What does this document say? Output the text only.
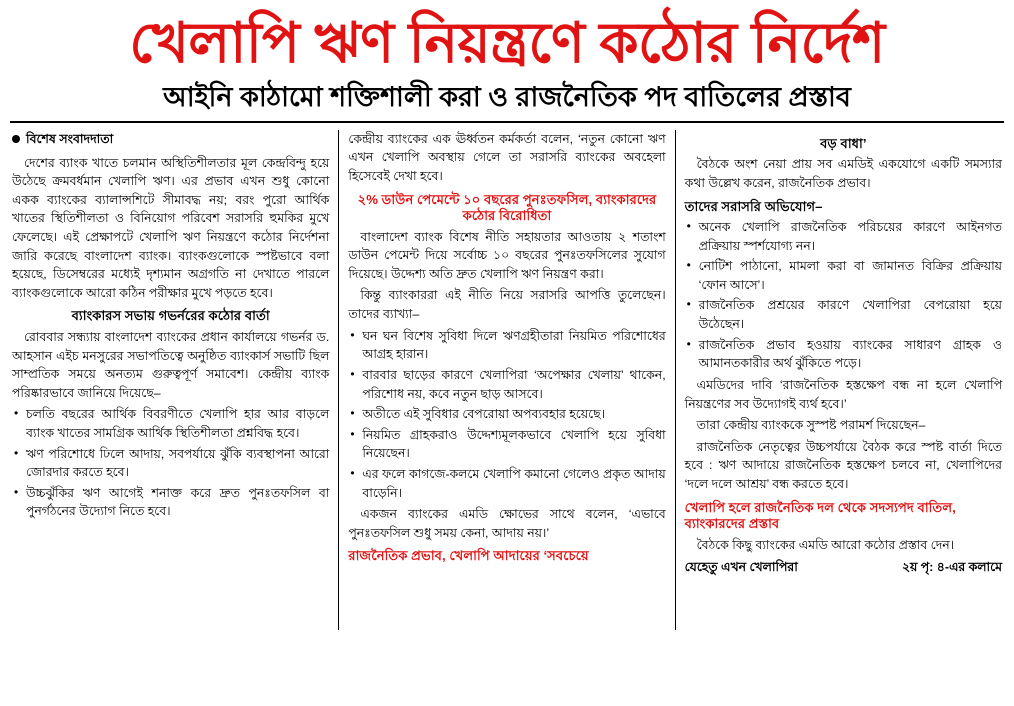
খেলাপি ঋণ নিয়ন্ত্রণে কঠোর নির্দেশ
আইনি কাঠামো শক্তিশালী করা ও রাজনৈতিক পদ বাতিলের প্রস্তাব
বিশেষ সংবাদদাতা

দেশের ব্যাংক খাতে চলমান অস্থিতিশীলতার মূল কেন্দ্রবিন্দু হয়ে উঠেছে ক্রমবর্ধমান খেলাপি ঋণ। এর প্রভাব এখন শুধু কোনো একক ব্যাংকের ব্যালান্সশিটে সীমাবদ্ধ নয়; বরং পুরো আর্থিক খাতের স্থিতিশীলতা ও বিনিয়োগ পরিবেশ সরাসরি হুমকির মুখে ফেলেছে। এই প্রেক্ষাপটে খেলাপি ঋণ নিয়ন্ত্রণে কঠোর নির্দেশনা জারি করেছে বাংলাদেশ ব্যাংক। ব্যাংকগুলোকে স্পষ্টভাবে বলা হয়েছে, ডিসেম্বরের মধ্যেই দৃশ্যমান অগ্রগতি না দেখাতে পারলে ব্যাংকগুলোকে আরো কঠিন পরীক্ষার মুখে পড়তে হবে।

ব্যাংকারস সভায় গভর্নরের কঠোর বার্তা

রোববার সন্ধ্যায় বাংলাদেশ ব্যাংকের প্রধান কার্যালয়ে গভর্নর ড. আহসান এইচ মনসুরের সভাপতিত্বে অনুষ্ঠিত ব্যাংকার্স সভাটি ছিল সাম্প্রতিক সময়ে অনত্যম গুরুত্বপূর্ণ সমাবেশ। কেন্দ্রীয় ব্যাংক পরিষ্কারভাবে জানিয়ে দিয়েছে–

• চলতি বছরের আর্থিক বিবরণীতে খেলাপি হার আর বাড়লে ব্যাংক খাতের সামগ্রিক আর্থিক স্থিতিশীলতা প্রশ্নবিদ্ধ হবে।
• ঋণ পরিশোধে ঢিলে আদায়, সবপর্যায়ে ঝুঁকি ব্যবস্থাপনা আরো জোরদার করতে হবে।
• উচ্চঝুঁকির ঋণ আগেই শনাক্ত করে দ্রুত পুনঃতফসিল বা পুনর্গঠনের উদ্যোগ নিতে হবে।

কেন্দ্রীয় ব্যাংকের এক ঊর্ধ্বতন কর্মকর্তা বলেন, ‘নতুন কোনো ঋণ এখন খেলাপি অবস্থায় গেলে তা সরাসরি ব্যাংকের অবহেলা হিসেবেই দেখা হবে।

২% ডাউন পেমেন্টে ১০ বছরের পুনঃতফসিল, ব্যাংকারদের কঠোর বিরোধিতা

বাংলাদেশ ব্যাংক বিশেষ নীতি সহায়তার আওতায় ২ শতাংশ ডাউন পেমেন্ট দিয়ে সর্বোচ্চ ১০ বছরের পুনঃতফসিলের সুযোগ দিয়েছে। উদ্দেশ্য অতি দ্রুত খেলাপি ঋণ নিয়ন্ত্রণ করা।

কিন্তু ব্যাংকাররা এই নীতি নিয়ে সরাসরি আপত্তি তুলেছেন। তাদের ব্যাখ্যা–

• ঘন ঘন বিশেষ সুবিধা দিলে ঋণগ্রহীতারা নিয়মিত পরিশোধের আগ্রহ হারান।
• বারবার ছাড়ের কারণে খেলাপিরা ‘অপেক্ষার খেলায়’ থাকেন, পরিশোধ নয়, কবে নতুন ছাড় আসবে।
• অতীতে এই সুবিধার বেপরোয়া অপব্যবহার হয়েছে।
• নিয়মিত গ্রাহকরাও উদ্দেশ্যমূলকভাবে খেলাপি হয়ে সুবিধা নিয়েছেন।
• এর ফলে কাগজে-কলমে খেলাপি কমানো গেলেও প্রকৃত আদায় বাড়েনি।

একজন ব্যাংকের এমডি ক্ষোভের সাথে বলেন, ‘এভাবে পুনঃতফসিল শুধু সময় কেনা, আদায় নয়।’

রাজনৈতিক প্রভাব, খেলাপি আদায়ের ‘সবচেয়ে
বড় বাধা’

বৈঠকে অংশ নেয়া প্রায় সব এমডিই একযোগে একটি সমস্যার কথা উল্লেখ করেন, রাজনৈতিক প্রভাব।

তাদের সরাসরি অভিযোগ–
• অনেক খেলাপি রাজনৈতিক পরিচয়ের কারণে আইনগত প্রক্রিয়ায় স্পর্শযোগ্য নন।
• নোটিশ পাঠানো, মামলা করা বা জামানত বিক্রির প্রক্রিয়ায় ‘ফোন আসে’।
• রাজনৈতিক প্রশ্রয়ের কারণে খেলাপিরা বেপরোয়া হয়ে উঠেছেন।
• রাজনৈতিক প্রভাব হওয়ায় ব্যাংকের সাধারণ গ্রাহক ও আমানতকারীর অর্থ ঝুঁকিতে পড়ে।

এমডিদের দাবি ‘রাজনৈতিক হস্তক্ষেপ বন্ধ না হলে খেলাপি নিয়ন্ত্রণের সব উদ্যোগই ব্যর্থ হবে।’

তারা কেন্দ্রীয় ব্যাংককে সুস্পষ্ট পরামর্শ দিয়েছেন–

রাজনৈতিক নেতৃত্বের উচ্চপর্যায়ে বৈঠক করে স্পষ্ট বার্তা দিতে হবে : ঋণ আদায়ে রাজনৈতিক হস্তক্ষেপ চলবে না, খেলাপিদের ‘দলে দলে আশ্রয়’ বন্ধ করতে হবে।

খেলাপি হলে রাজনৈতিক দল থেকে সদস্যপদ বাতিল, ব্যাংকারদের প্রস্তাব

বৈঠকে কিছু ব্যাংকের এমডি আরো কঠোর প্রস্তাব দেন।

যেহেতু এখন খেলাপিরা	২য় পৃ: ৪-এর কলামে
